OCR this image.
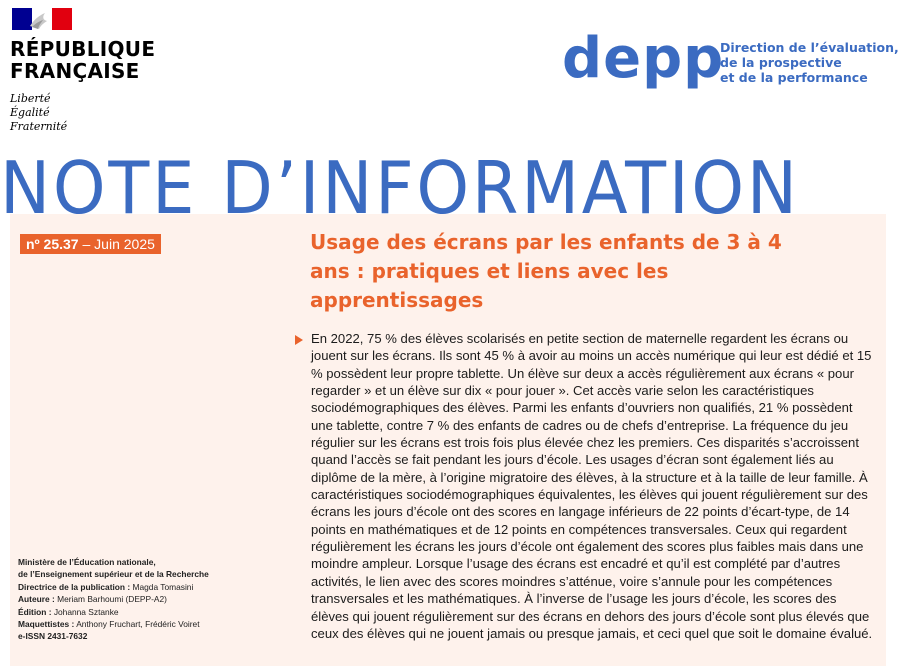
RÉPUBLIQUE
FRANÇAISE
Liberté
Égalité
Fraternité
depp
Direction de l’évaluation,
de la prospective
et de la performance
NOTE D’INFORMATION
nº 25.37 – Juin 2025	Usage des écrans par les enfants de 3 à 4 ans : pratiques et liens avec les apprentissages

En 2022, 75 % des élèves scolarisés en petite section de maternelle regardent les écrans ou jouent sur les écrans. Ils sont 45 % à avoir au moins un accès numérique qui leur est dédié et 15 % possèdent leur propre tablette. Un élève sur deux a accès régulièrement aux écrans « pour regarder » et un élève sur dix « pour jouer ». Cet accès varie selon les caractéristiques sociodémographiques des élèves. Parmi les enfants d’ouvriers non qualifiés, 21 % possèdent une tablette, contre 7 % des enfants de cadres ou de chefs d’entreprise. La fréquence du jeu régulier sur les écrans est trois fois plus élevée chez les premiers. Ces disparités s’accroissent quand l’accès se fait pendant les jours d’école. Les usages d’écran sont également liés au diplôme de la mère, à l’origine migratoire des élèves, à la structure et à la taille de leur famille. À caractéristiques sociodémographiques équivalentes, les élèves qui jouent régulièrement sur des écrans les jours d’école ont des scores en langage inférieurs de 22 points d’écart-type, de 14 points en mathématiques et de 12 points en compétences transversales. Ceux qui regardent régulièrement les écrans les jours d’école ont également des scores plus faibles mais dans une moindre ampleur. Lorsque l’usage des écrans est encadré et qu’il est complété par d’autres activités, le lien avec des scores moindres s’atténue, voire s’annule pour les compétences transversales et les mathématiques. À l’inverse de l’usage les jours d’école, les scores des élèves qui jouent régulièrement sur des écrans en dehors des jours d’école sont plus élevés que ceux des élèves qui ne jouent jamais ou presque jamais, et ceci quel que soit le domaine évalué.

Ministère de l’Éducation nationale,
de l’Enseignement supérieur et de la Recherche
Directrice de la publication : Magda Tomasini
Auteure : Meriam Barhoumi (DEPP-A2)
Édition : Johanna Sztanke
Maquettistes : Anthony Fruchart, Frédéric Voiret
e-ISSN 2431-7632
